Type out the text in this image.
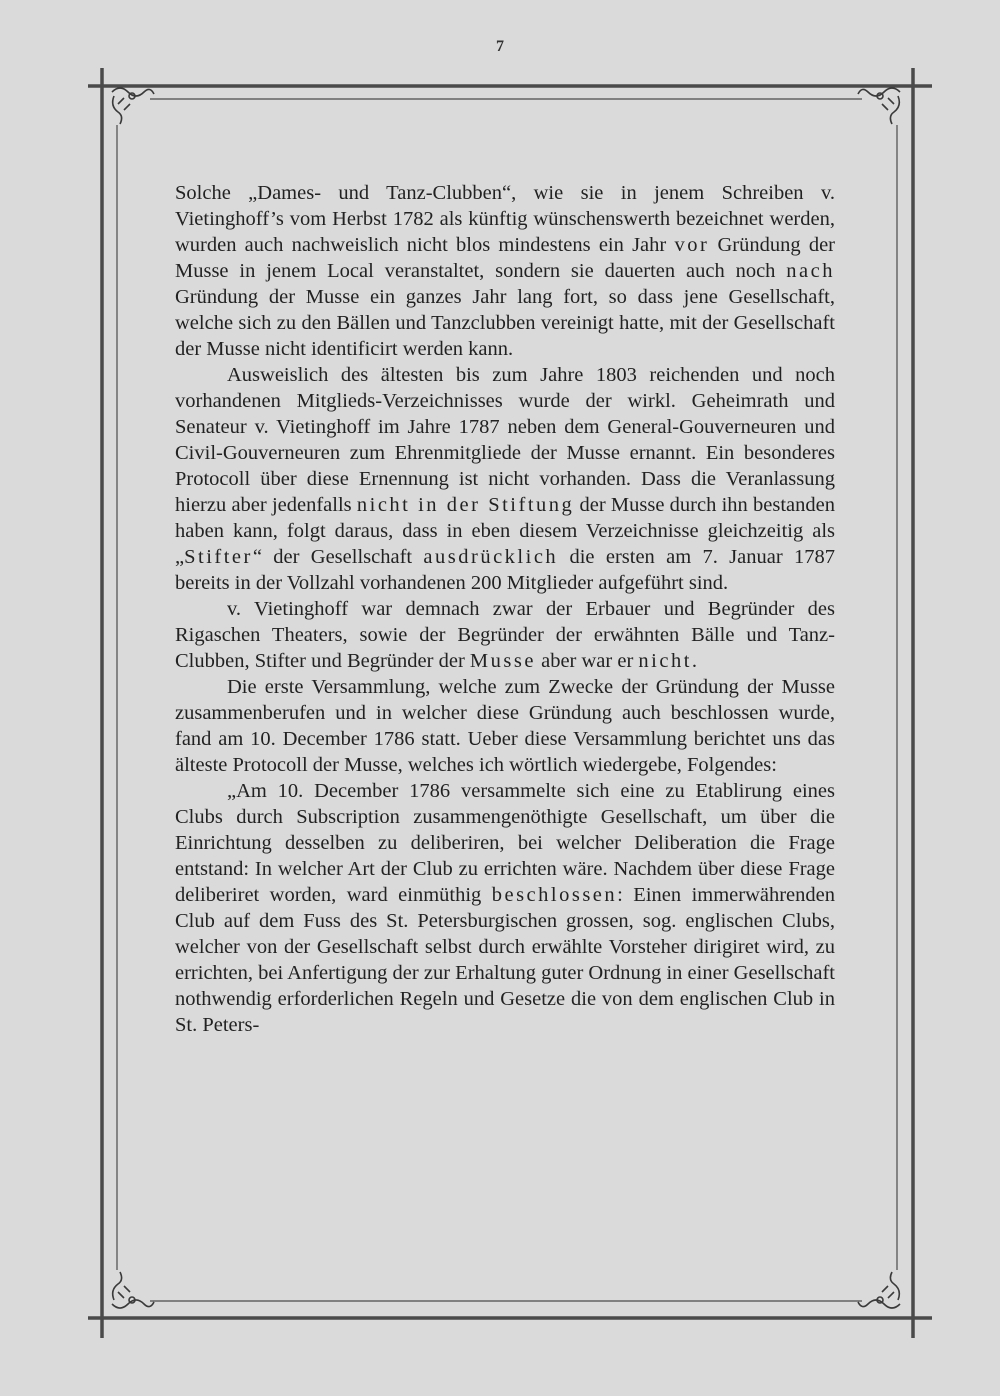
7

Solche „Dames- und Tanz-Clubben“, wie sie in jenem Schreiben v. Vietinghoff’s vom Herbst 1782 als künftig wünschenswerth bezeichnet werden, wurden auch nachweislich nicht blos mindestens ein Jahr vor Gründung der Musse in jenem Local veranstaltet, sondern sie dauerten auch noch nach Gründung der Musse ein ganzes Jahr lang fort, so dass jene Gesellschaft, welche sich zu den Bällen und Tanzclubben vereinigt hatte, mit der Gesellschaft der Musse nicht identificirt werden kann.

Ausweislich des ältesten bis zum Jahre 1803 reichenden und noch vorhandenen Mitglieds-Verzeichnisses wurde der wirkl. Geheimrath und Senateur v. Vietinghoff im Jahre 1787 neben dem General-Gouverneuren und Civil-Gouverneuren zum Ehrenmitgliede der Musse ernannt. Ein besonderes Protocoll über diese Ernennung ist nicht vorhanden. Dass die Veranlassung hierzu aber jedenfalls nicht in der Stiftung der Musse durch ihn bestanden haben kann, folgt daraus, dass in eben diesem Verzeichnisse gleichzeitig als „Stifter“ der Gesellschaft ausdrücklich die ersten am 7. Januar 1787 bereits in der Vollzahl vorhandenen 200 Mitglieder aufgeführt sind.

v. Vietinghoff war demnach zwar der Erbauer und Begründer des Rigaschen Theaters, sowie der Begründer der erwähnten Bälle und Tanz-Clubben, Stifter und Begründer der Musse aber war er nicht.

Die erste Versammlung, welche zum Zwecke der Gründung der Musse zusammenberufen und in welcher diese Gründung auch beschlossen wurde, fand am 10. December 1786 statt. Ueber diese Versammlung berichtet uns das älteste Protocoll der Musse, welches ich wörtlich wiedergebe, Folgendes:

„Am 10. December 1786 versammelte sich eine zu Etablirung eines Clubs durch Subscription zusammengenöthigte Gesellschaft, um über die Einrichtung desselben zu deliberiren, bei welcher Deliberation die Frage entstand: In welcher Art der Club zu errichten wäre. Nachdem über diese Frage deliberiret worden, ward einmüthig beschlossen: Einen immerwährenden Club auf dem Fuss des St. Petersburgischen grossen, sog. englischen Clubs, welcher von der Gesellschaft selbst durch erwählte Vorsteher dirigiret wird, zu errichten, bei Anfertigung der zur Erhaltung guter Ordnung in einer Gesellschaft nothwendig erforderlichen Regeln und Gesetze die von dem englischen Club in St. Peters-
